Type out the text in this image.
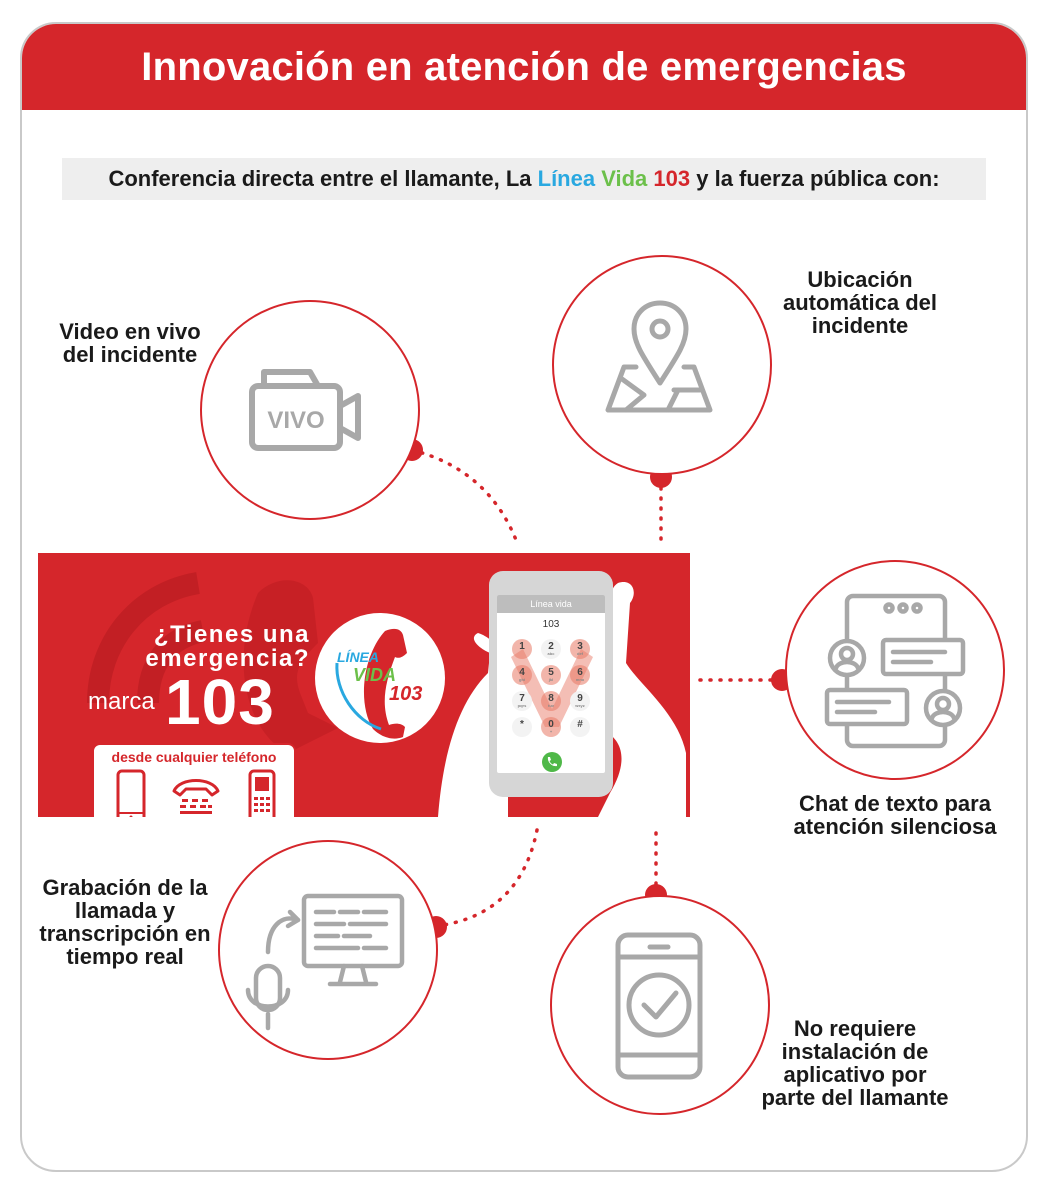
Innovación en atención de emergencias
Conferencia directa entre el llamante, La Línea
Vida
103 y la fuerza pública con:
VIVO
Video en vivo
del incidente
Ubicación
automática del
incidente
Chat de texto para
atención silenciosa
Grabación de la
llamada y
transcripción en
tiempo real
No requiere
instalación de
aplicativo por
parte del llamante
¿Tienes una
emergencia?
marca 103
desde cualquier teléfono
LÍNEA
VIDA
103
Línea vida
103
1	2
abc
3
def
4
ghi
5
jkl
6
mno
7
pqrs
8
tuv
9
wxyz
*	0
+
#
